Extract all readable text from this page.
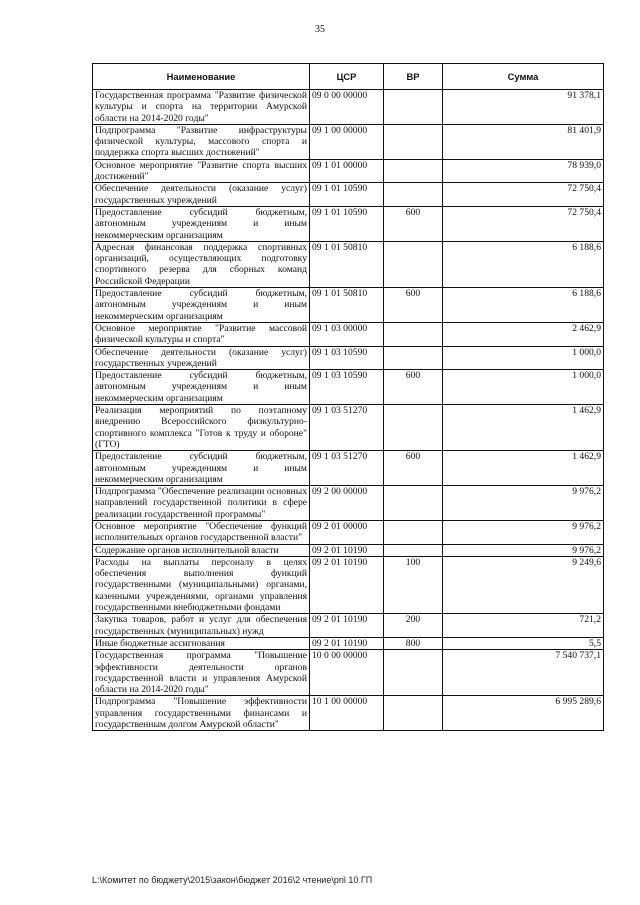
35
Наименование	ЦСР	ВР	Сумма
Государственная программа "Развитие физической культуры и спорта на территории Амурской области на 2014-2020 годы"	09 0 00 00000		91 378,1
Подпрограмма "Развитие инфраструктуры физической культуры, массового спорта и поддержка спорта высших достижений"	09 1 00 00000		81 401,9
Основное мероприятие "Развитие спорта высших достижений"	09 1 01 00000		78 939,0
Обеспечение деятельности (оказание услуг) государственных учреждений	09 1 01 10590		72 750,4
Предоставление субсидий бюджетным, автономным учреждениям и иным некоммерческим организациям	09 1 01 10590	600	72 750,4
Адресная финансовая поддержка спортивных организаций, осуществляющих подготовку спортивного резерва для сборных команд Российской Федерации	09 1 01 50810		6 188,6
Предоставление субсидий бюджетным, автономным учреждениям и иным некоммерческим организациям	09 1 01 50810	600	6 188,6
Основное мероприятие "Развитие массовой физической культуры и спорта"	09 1 03 00000		2 462,9
Обеспечение деятельности (оказание услуг) государственных учреждений	09 1 03 10590		1 000,0
Предоставление субсидий бюджетным, автономным учреждениям и иным некоммерческим организациям	09 1 03 10590	600	1 000,0
Реализация мероприятий по поэтапному внедрению Всероссийского физкультурно-спортивного комплекса "Готов к труду и обороне" (ГТО)	09 1 03 51270		1 462,9
Предоставление субсидий бюджетным, автономным учреждениям и иным некоммерческим организациям	09 1 03 51270	600	1 462,9
Подпрограмма "Обеспечение реализации основных направлений государственной политики в сфере реализации государственной программы"	09 2 00 00000		9 976,2
Основное мероприятие "Обеспечение функций исполнительных органов государственной власти"	09 2 01 00000		9 976,2
Содержание органов исполнительной власти	09 2 01 10190		9 976,2
Расходы на выплаты персоналу в целях обеспечения выполнения функций государственными (муниципальными) органами, казенными учреждениями, органами управления государственными внебюджетными фондами	09 2 01 10190	100	9 249,6
Закупка товаров, работ и услуг для обеспечения государственных (муниципальных) нужд	09 2 01 10190	200	721,2
Иные бюджетные ассигнования	09 2 01 10190	800	5,5
Государственная программа "Повышение эффективности деятельности органов государственной власти и управления Амурской области на 2014-2020 годы"	10 0 00 00000		7 540 737,1
Подпрограмма "Повышение эффективности управления государственными финансами и государственным долгом Амурской области"	10 1 00 00000		6 995 289,6
L:\Комитет по бюджету\2015\закон\бюджет 2016\2 чтение\pril 10 ГП
